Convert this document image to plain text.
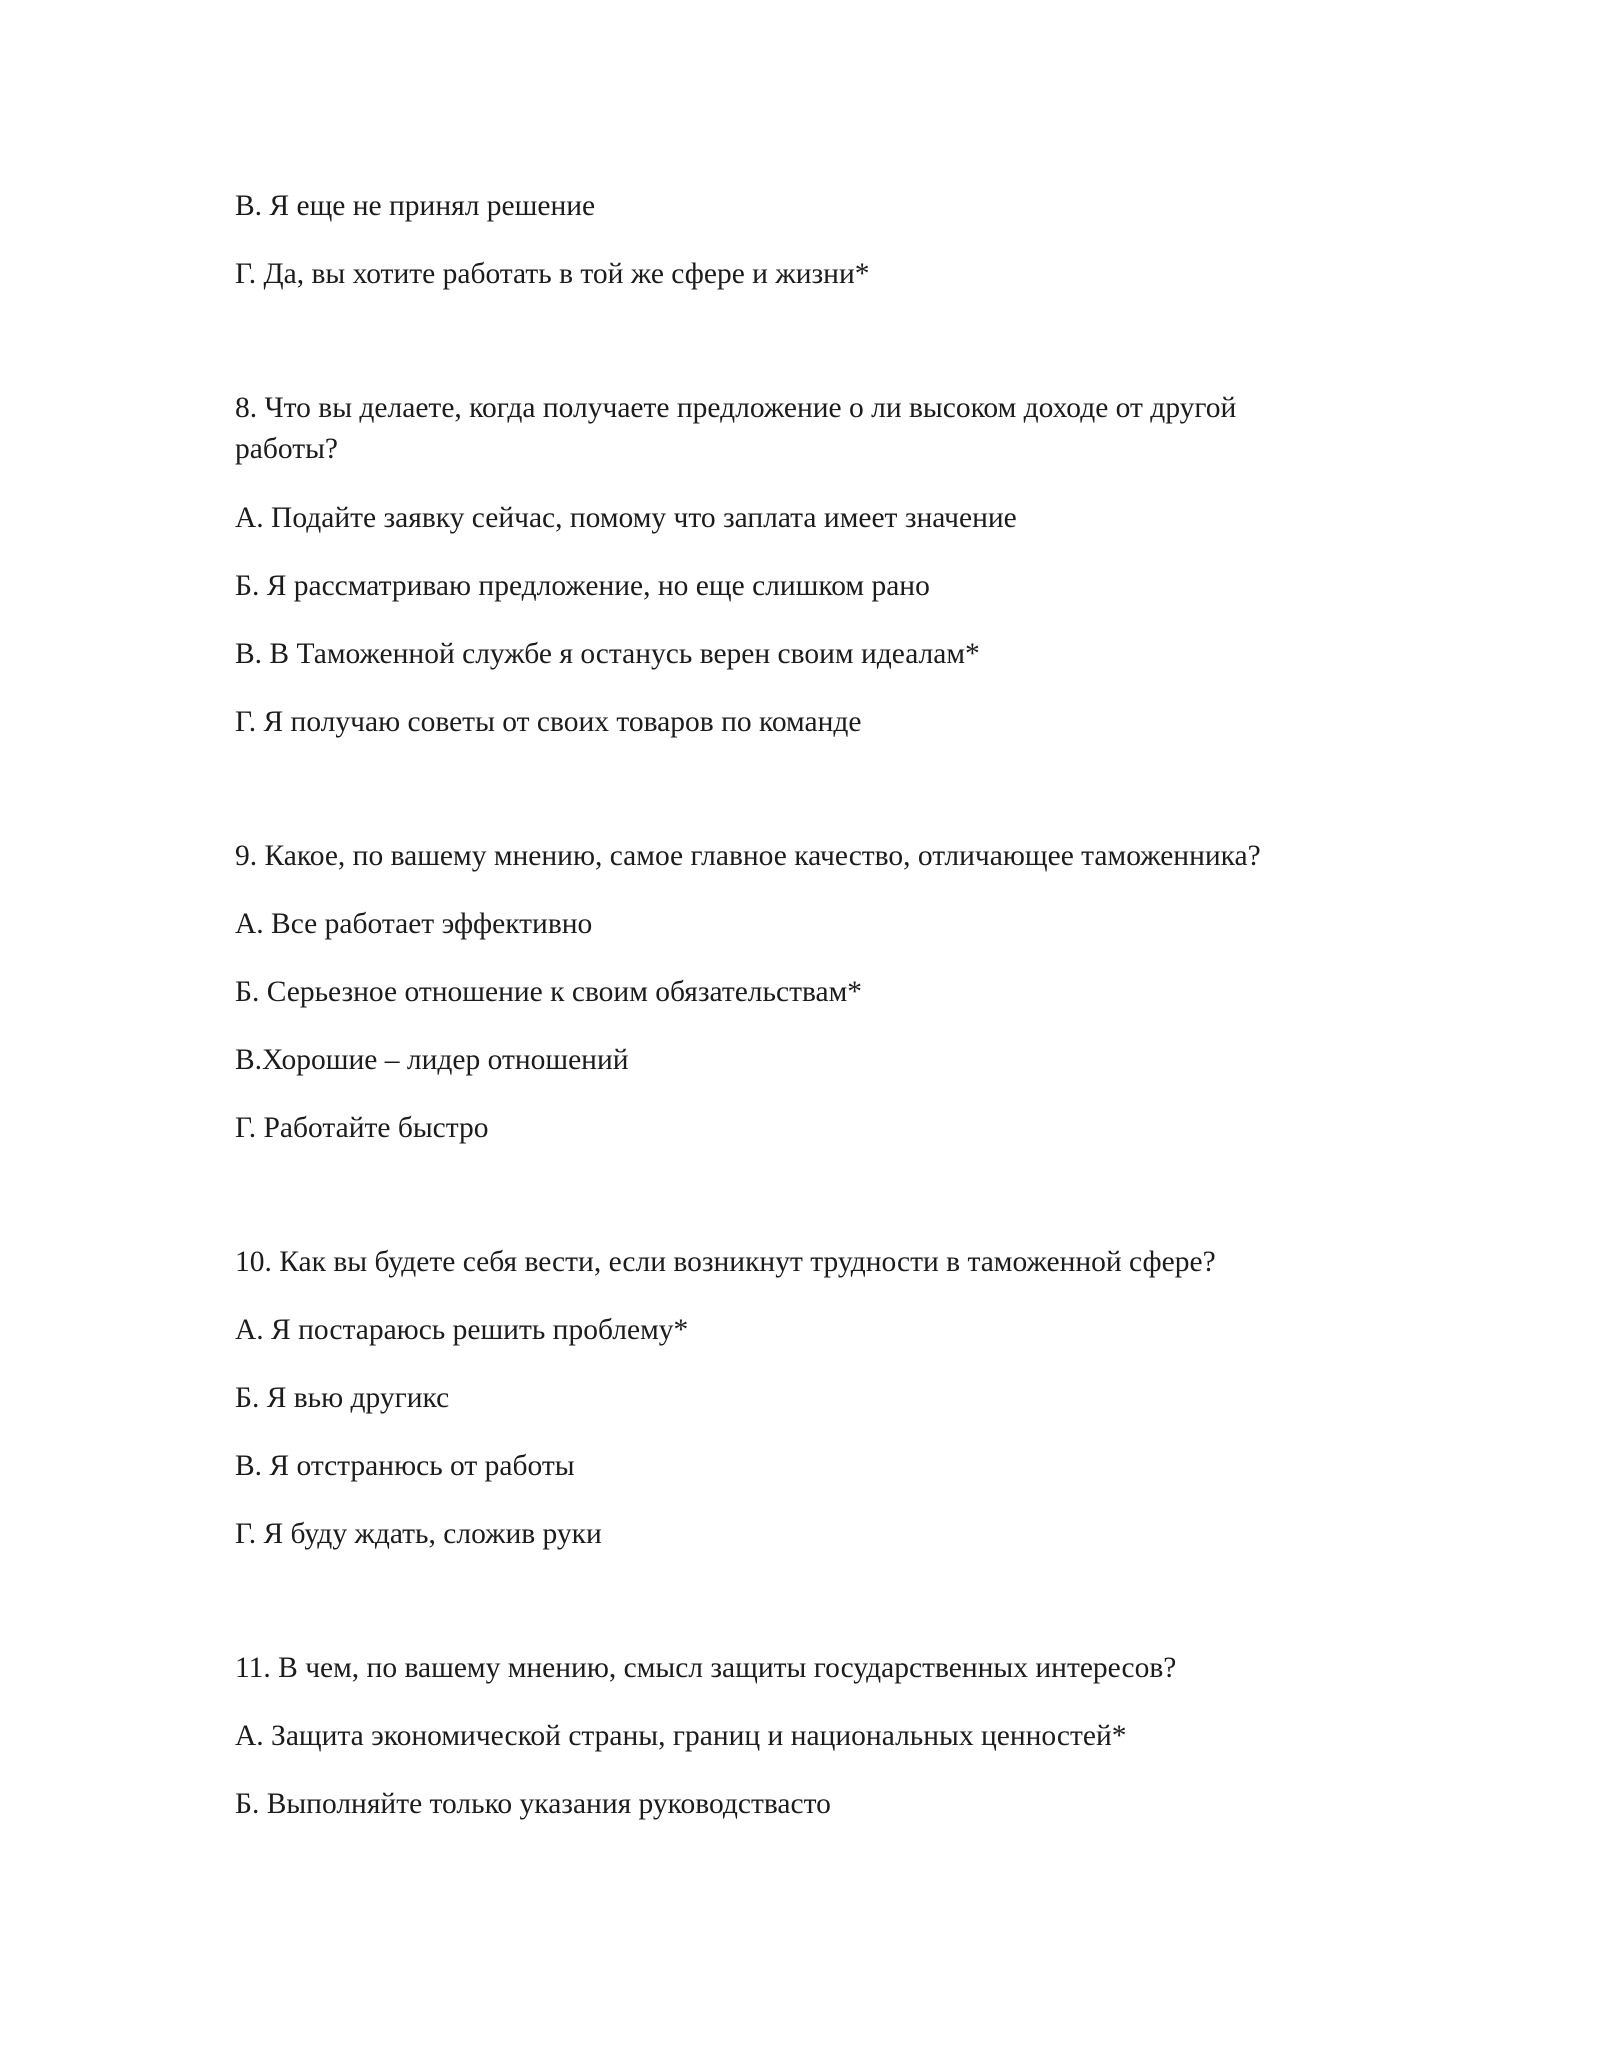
В. Я еще не принял решение

Г. Да, вы хотите работать в той же сфере и жизни*

8. Что вы делаете, когда получаете предложение о ли высоком доходе от другой
работы?

А. Подайте заявку сейчас, помому что заплата имеет значение

Б. Я рассматриваю предложение, но еще слишком рано

В. В Таможенной службе я останусь верен своим идеалам*

Г. Я получаю советы от своих товаров по команде

9. Какое, по вашему мнению, самое главное качество, отличающее таможенника?

А. Все работает эффективно

Б. Серьезное отношение к своим обязательствам*

В.Хорошие – лидер отношений

Г. Работайте быстро

10. Как вы будете себя вести, если возникнут трудности в таможенной сфере?

А. Я постараюсь решить проблему*

Б. Я вью другикс

В. Я отстранюсь от работы

Г. Я буду ждать, сложив руки

11. В чем, по вашему мнению, смысл защиты государственных интересов?

А. Защита экономической страны, границ и национальных ценностей*

Б. Выполняйте только указания руководствасто
